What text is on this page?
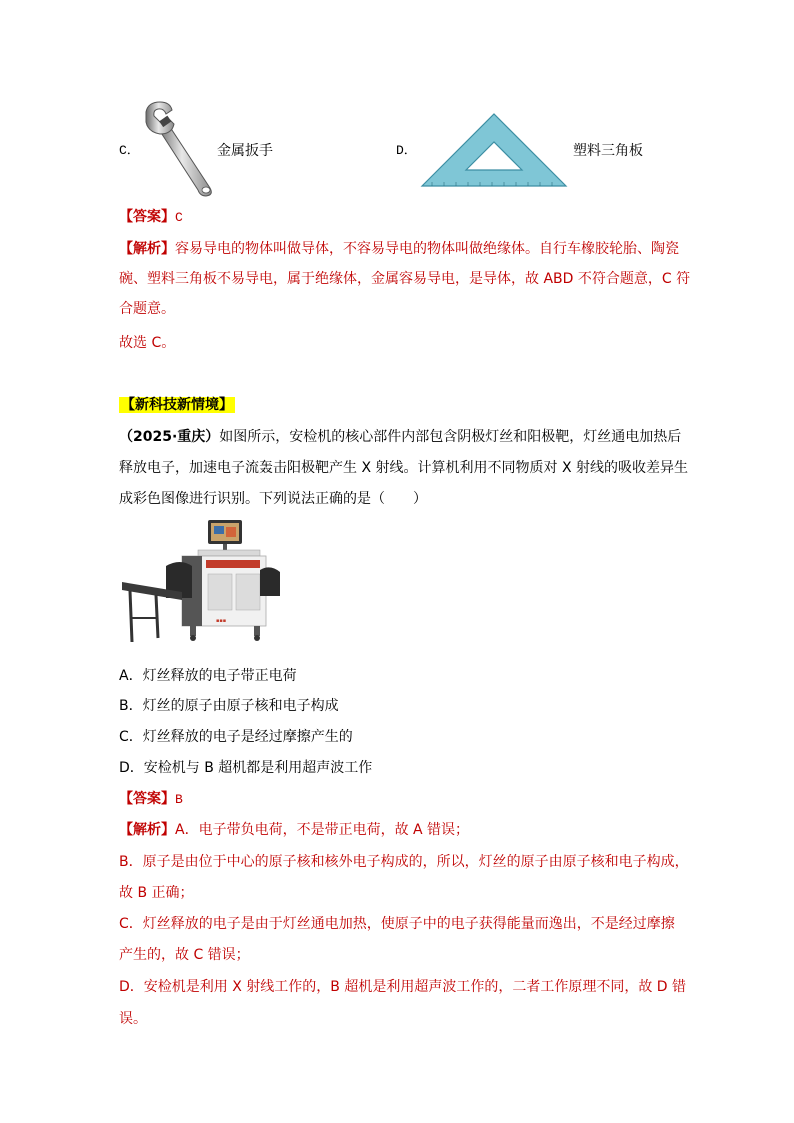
C．	金属扳手	D．	塑料三角板
【答案】C
【解析】容易导电的物体叫做导体，不容易导电的物体叫做绝缘体。自行车橡胶轮胎、陶瓷
碗、塑料三角板不易导电，属于绝缘体，金属容易导电，是导体，故 ABD 不符合题意，C 符
合题意。
故选 C。
【新科技新情境】
（2025·重庆）如图所示，安检机的核心部件内部包含阴极灯丝和阳极靶，灯丝通电加热后
释放电子，加速电子流轰击阳极靶产生 X 射线。计算机利用不同物质对 X 射线的吸收差异生
成彩色图像进行识别。下列说法正确的是（　　）
▪▪▪
A．灯丝释放的电子带正电荷
B．灯丝的原子由原子核和电子构成
C．灯丝释放的电子是经过摩擦产生的
D．安检机与 B 超机都是利用超声波工作
【答案】B
【解析】A．电子带负电荷，不是带正电荷，故 A 错误；
B．原子是由位于中心的原子核和核外电子构成的，所以，灯丝的原子由原子核和电子构成，
故 B 正确；
C．灯丝释放的电子是由于灯丝通电加热，使原子中的电子获得能量而逸出，不是经过摩擦
产生的，故 C 错误；
D．安检机是利用 X 射线工作的，B 超机是利用超声波工作的，二者工作原理不同，故 D 错
误。
